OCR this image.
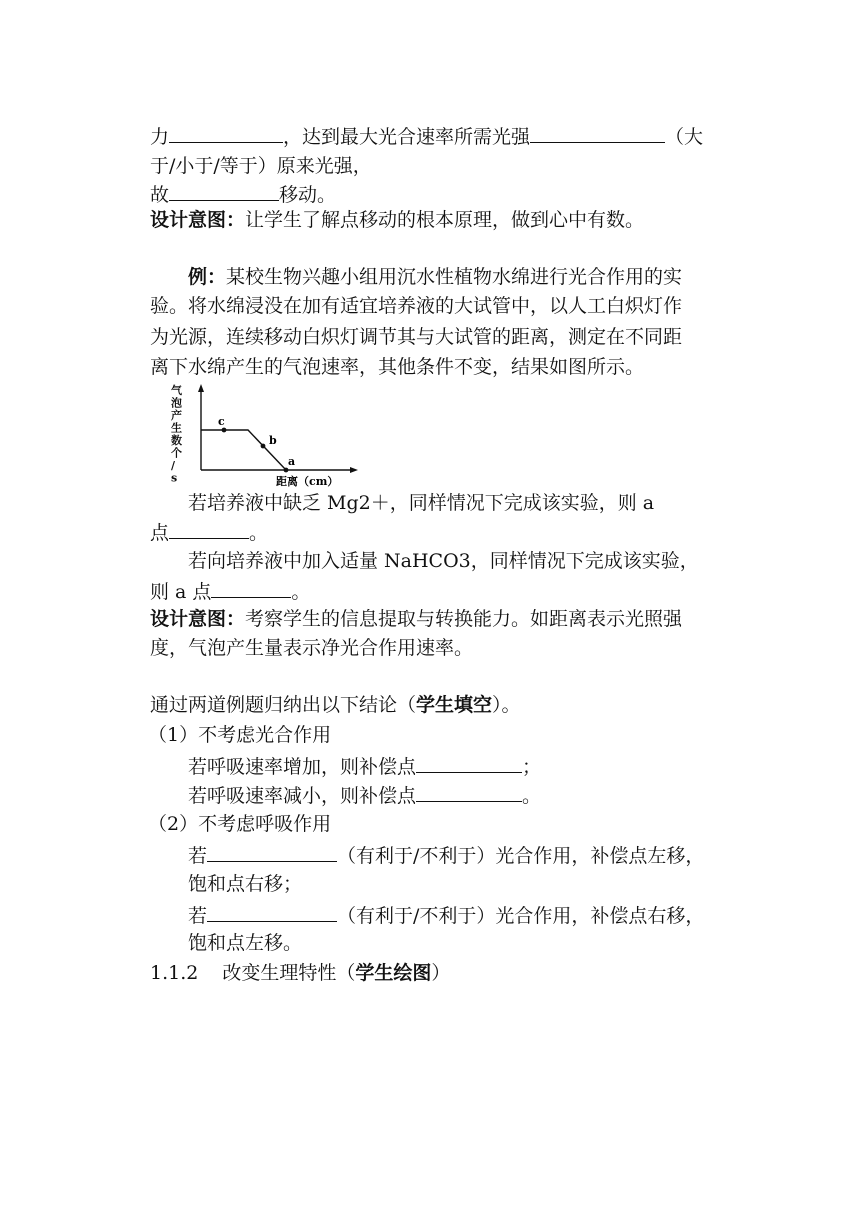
力	，达到最大光合速率所需光强	（大
于/小于/等于）原来光强，
故	移动。
设计意图：让学生了解点移动的根本原理，做到心中有数。
例：某校生物兴趣小组用沉水性植物水绵进行光合作用的实
验。将水绵浸没在加有适宜培养液的大试管中，以人工白炽灯作
为光源，连续移动白炽灯调节其与大试管的距离，测定在不同距
离下水绵产生的气泡速率，其他条件不变，结果如图所示。
气泡产生数个/ s
c
b
a
距离（cm）
若培养液中缺乏 Mg2＋，同样情况下完成该实验，则 a
点	。
若向培养液中加入适量 NaHCO3，同样情况下完成该实验，
则 a 点	。
设计意图：考察学生的信息提取与转换能力。如距离表示光照强
度，气泡产生量表示净光合作用速率。
通过两道例题归纳出以下结论（学生填空）。
（1）不考虑光合作用
若呼吸速率增加，则补偿点	；
若呼吸速率减小，则补偿点	。
（2）不考虑呼吸作用
若	（有利于/不利于）光合作用，补偿点左移，
饱和点右移；
若	（有利于/不利于）光合作用，补偿点右移，
饱和点左移。
1.1.2 改变生理特性（学生绘图）
